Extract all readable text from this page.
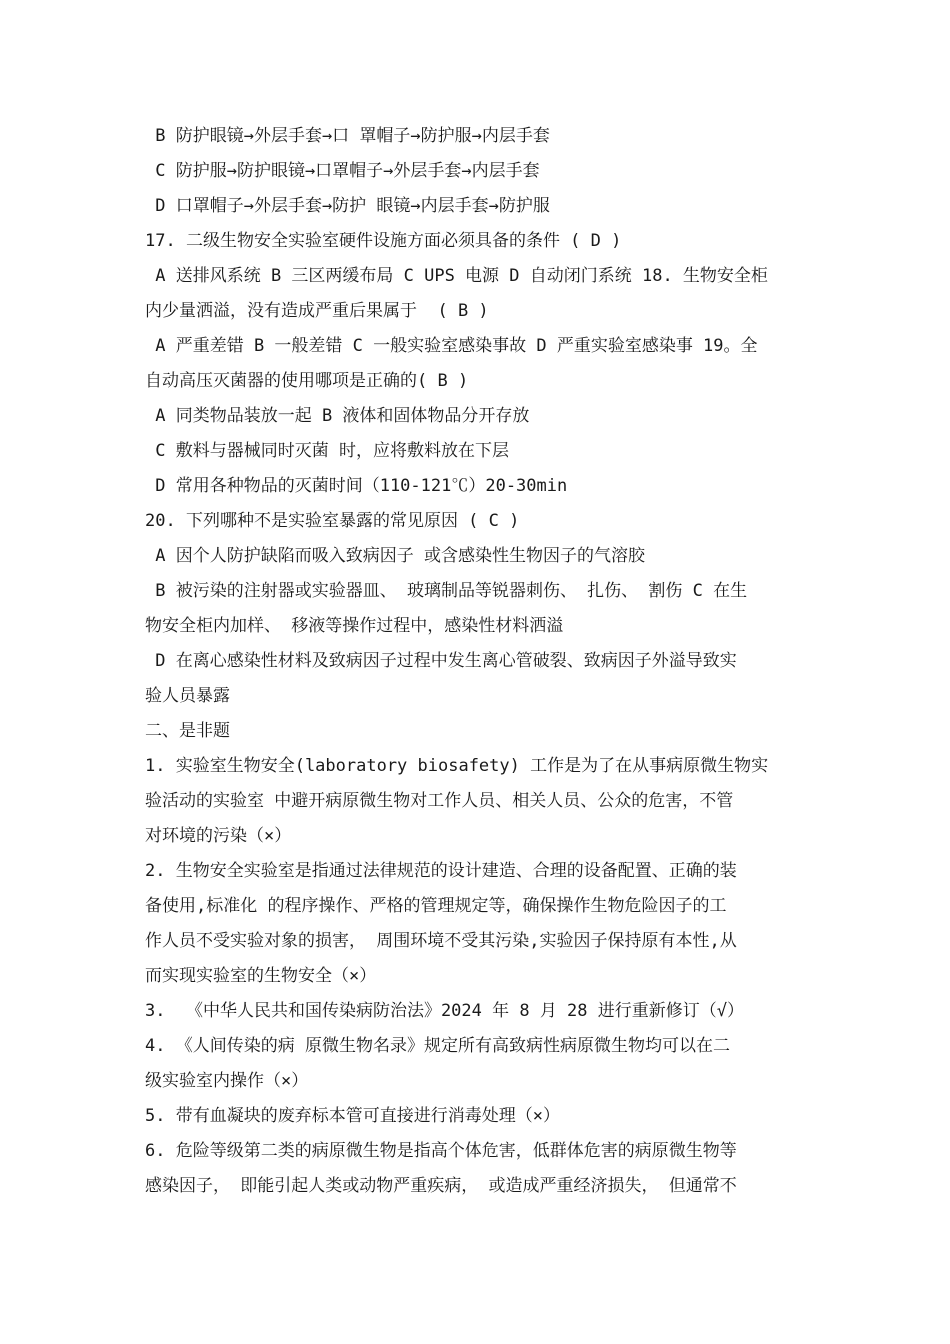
B 防护眼镜→外层手套→口 罩帽子→防护服→内层手套
C 防护服→防护眼镜→口罩帽子→外层手套→内层手套
D 口罩帽子→外层手套→防护 眼镜→内层手套→防护服
17. 二级生物安全实验室硬件设施方面必须具备的条件 ( D )
A 送排风系统 B 三区两缓布局 C UPS 电源 D 自动闭门系统 18. 生物安全柜
内少量洒溢，没有造成严重后果属于  ( B )
A 严重差错 B 一般差错 C 一般实验室感染事故 D 严重实验室感染事 19。全
自动高压灭菌器的使用哪项是正确的( B )
A 同类物品装放一起 B 液体和固体物品分开存放
C 敷料与器械同时灭菌 时，应将敷料放在下层
D 常用各种物品的灭菌时间（110-121℃）20-30min
20. 下列哪种不是实验室暴露的常见原因 ( C )
A 因个人防护缺陷而吸入致病因子 或含感染性生物因子的气溶胶
B 被污染的注射器或实验器皿、 玻璃制品等锐器刺伤、 扎伤、 割伤 C 在生
物安全柜内加样、 移液等操作过程中，感染性材料洒溢
D 在离心感染性材料及致病因子过程中发生离心管破裂、致病因子外溢导致实
验人员暴露
二、是非题
1. 实验室生物安全(laboratory biosafety) 工作是为了在从事病原微生物实
验活动的实验室 中避开病原微生物对工作人员、相关人员、公众的危害，不管
对环境的污染（×）
2. 生物安全实验室是指通过法律规范的设计建造、合理的设备配置、正确的装
备使用,标准化 的程序操作、严格的管理规定等，确保操作生物危险因子的工
作人员不受实验对象的损害， 周围环境不受其污染,实验因子保持原有本性,从
而实现实验室的生物安全（×）
3.  《中华人民共和国传染病防治法》2024 年 8 月 28 进行重新修订（√）
4. 《人间传染的病 原微生物名录》规定所有高致病性病原微生物均可以在二
级实验室内操作（×）
5. 带有血凝块的废弃标本管可直接进行消毒处理（×）
6. 危险等级第二类的病原微生物是指高个体危害，低群体危害的病原微生物等
感染因子， 即能引起人类或动物严重疾病， 或造成严重经济损失， 但通常不
